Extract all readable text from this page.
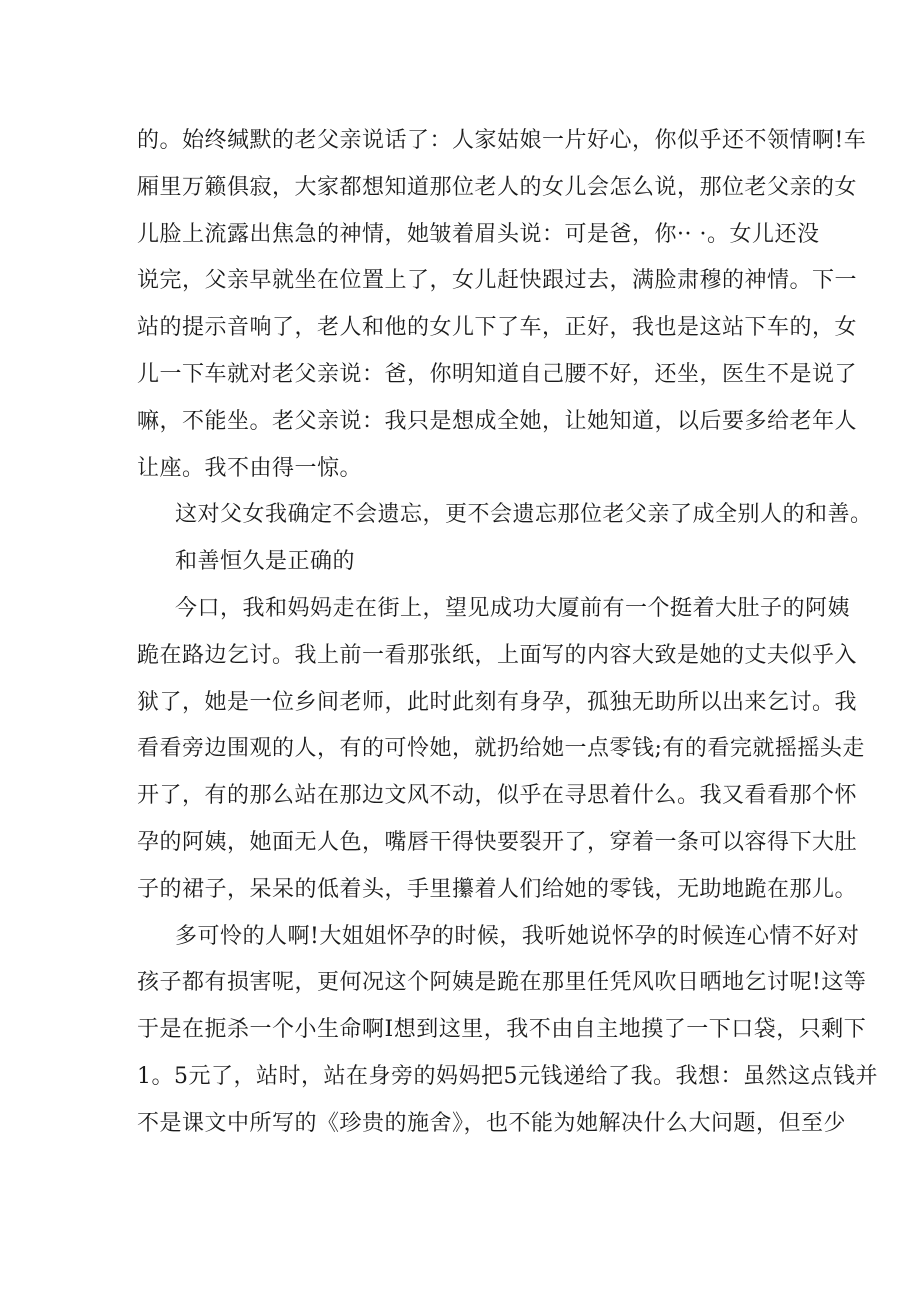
的。始终缄默的老父亲说话了：人家姑娘一片好心，你似乎还不领情啊!车
厢里万籁俱寂，大家都想知道那位老人的女儿会怎么说，那位老父亲的女
儿脸上流露出焦急的神情，她皱着眉头说：可是爸，你·· ·。女儿还没
说完，父亲早就坐在位置上了，女儿赶快跟过去，满脸肃穆的神情。下一
站的提示音响了，老人和他的女儿下了车，正好，我也是这站下车的，女
儿一下车就对老父亲说：爸，你明知道自己腰不好，还坐，医生不是说了
嘛，不能坐。老父亲说：我只是想成全她，让她知道，以后要多给老年人
让座。我不由得一惊。
这对父女我确定不会遗忘，更不会遗忘那位老父亲了成全别人的和善。
和善恒久是正确的
今口，我和妈妈走在街上，望见成功大厦前有一个挺着大肚子的阿姨
跪在路边乞讨。我上前一看那张纸，上面写的内容大致是她的丈夫似乎入
狱了，她是一位乡间老师，此时此刻有身孕，孤独无助所以出来乞讨。我
看看旁边围观的人，有的可怜她，就扔给她一点零钱;有的看完就摇摇头走
开了，有的那么站在那边文风不动，似乎在寻思着什么。我又看看那个怀
孕的阿姨，她面无人色，嘴唇干得快要裂开了，穿着一条可以容得下大肚
子的裙子，呆呆的低着头，手里攥着人们给她的零钱，无助地跪在那儿。
多可怜的人啊!大姐姐怀孕的时候，我听她说怀孕的时候连心情不好对
孩子都有损害呢，更何况这个阿姨是跪在那里任凭风吹日晒地乞讨呢!这等
于是在扼杀一个小生命啊I想到这里，我不由自主地摸了一下口袋，只剩下
1。5元了，站时，站在身旁的妈妈把5元钱递给了我。我想：虽然这点钱并
不是课文中所写的《珍贵的施舍》，也不能为她解决什么大问题，但至少
